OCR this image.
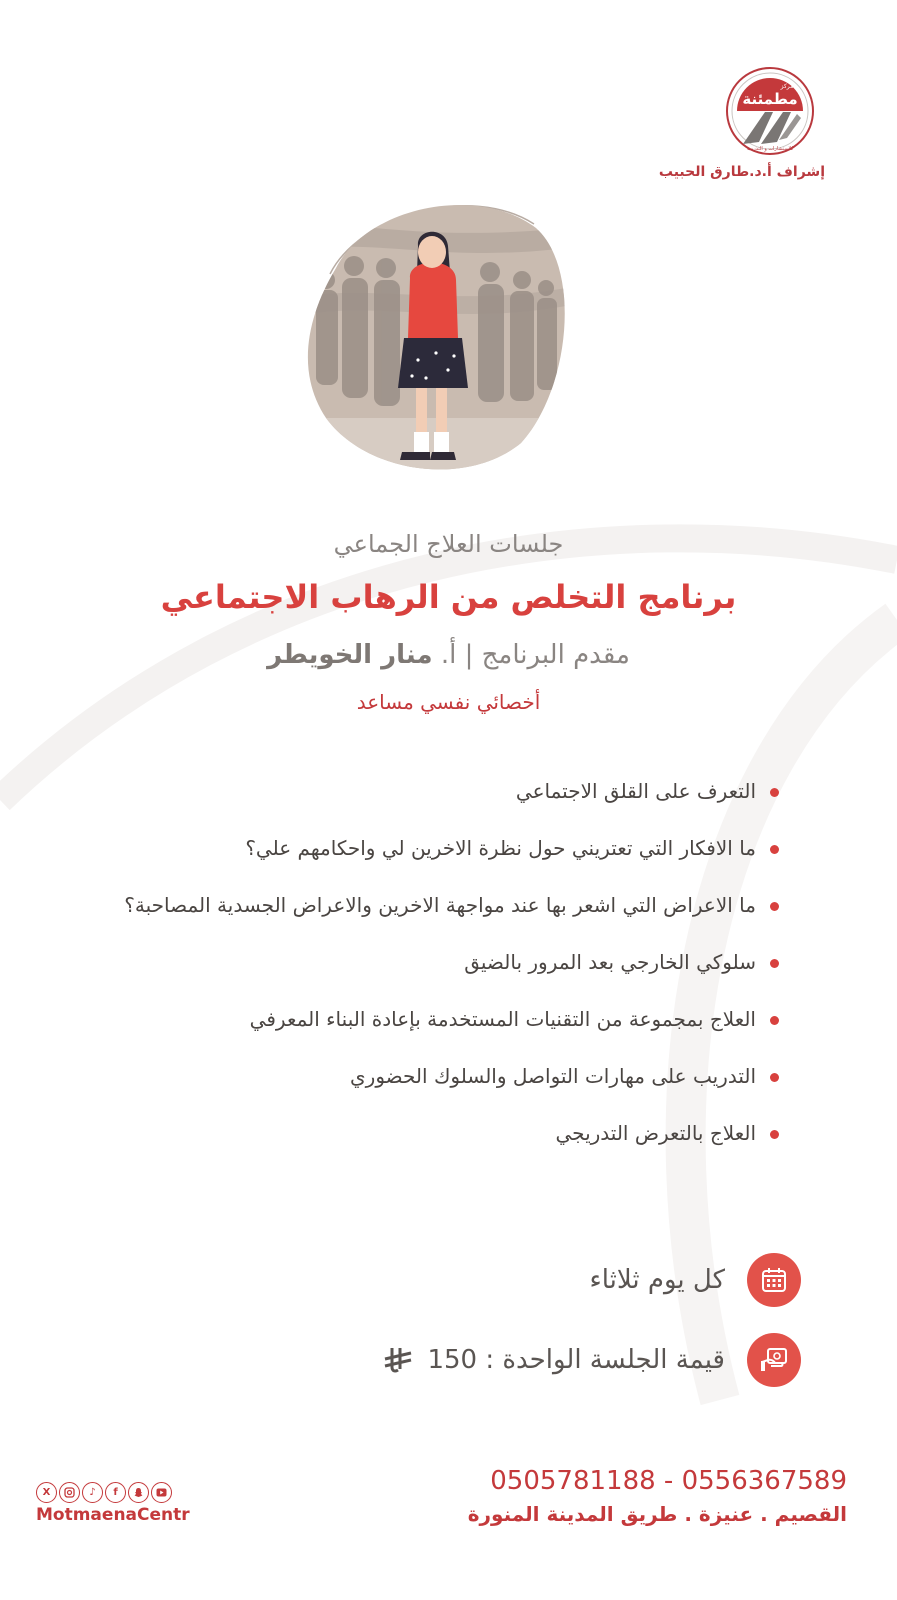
مطمئنة
مركز
للاستشارات و التدريب
إشراف أ.د.طارق الحبيب
جلسات العلاج الجماعي
برنامج التخلص من الرهاب الاجتماعي
مقدم البرنامج | أ. منار الخويطر
أخصائي نفسي مساعد
التعرف على القلق الاجتماعي
ما الافكار التي تعتريني حول نظرة الاخرين لي واحكامهم علي؟
ما الاعراض التي اشعر بها عند مواجهة الاخرين والاعراض الجسدية المصاحبة؟
سلوكي الخارجي بعد المرور بالضيق
العلاج بمجموعة من التقنيات المستخدمة بإعادة البناء المعرفي
التدريب على مهارات التواصل والسلوك الحضوري
العلاج بالتعرض التدريجي
كل يوم ثلاثاء
قيمة الجلسة الواحدة : 150
0505781188 - 0556367589
القصيم . عنيزة . طريق المدينة المنورة
X	♪	f
MotmaenaCentr
